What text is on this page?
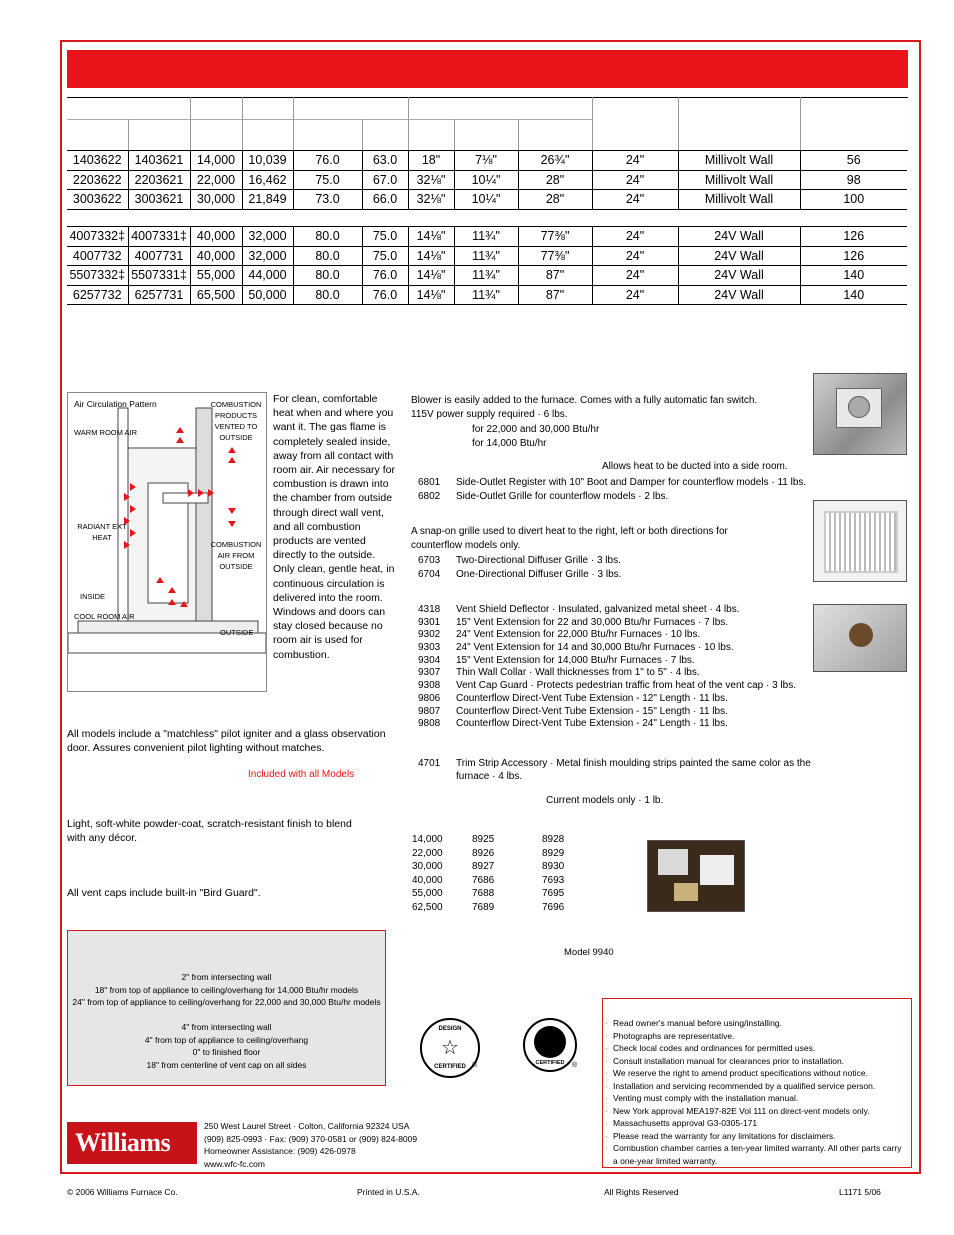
1403622	1403621	14,000	10,039	76.0	63.0	18"	7⅛"	26¾"	24"	Millivolt Wall	56
2203622	2203621	22,000	16,462	75.0	67.0	32⅛"	10¼"	28"	24"	Millivolt Wall	98
3003622	3003621	30,000	21,849	73.0	66.0	32⅛"	10¼"	28"	24"	Millivolt Wall	100
4007332‡	4007331‡	40,000	32,000	80.0	75.0	14⅛"	11¾"	77⅜"	24"	24V Wall	126
4007732	4007731	40,000	32,000	80.0	75.0	14⅛"	11¾"	77⅜"	24"	24V Wall	126
5507332‡	5507331‡	55,000	44,000	80.0	76.0	14⅛"	11¾"	87"	24"	24V Wall	140
6257732	6257731	65,500	50,000	80.0	76.0	14⅛"	11¾"	87"	24"	24V Wall	140
Air Circulation Pattern
WARM ROOM AIR
COMBUSTION PRODUCTS VENTED TO OUTSIDE
RADIANT EXT HEAT
COMBUSTION AIR FROM OUTSIDE
INSIDE
COOL ROOM AIR
OUTSIDE
For clean, comfortable heat when and where you want it. The gas flame is completely sealed inside, away from all contact with room air. Air necessary for combustion is drawn into the chamber from outside through direct wall vent, and all combustion products are vented directly to the outside. Only clean, gentle heat, in continuous circulation is delivered into the room. Windows and doors can stay closed because no room air is used for combustion.
All models include a "matchless" pilot igniter and a glass observation door. Assures convenient pilot lighting without matches.
Included with all Models
Light, soft-white powder-coat, scratch-resistant finish to blend with any décor.
All vent caps include built-in "Bird Guard".
2" from intersecting wall
18" from top of appliance to ceiling/overhang for 14,000 Btu/hr models
24" from top of appliance to ceiling/overhang for 22,000 and 30,000 Btu/hr models
4" from intersecting wall
4" from top of appliance to ceiling/overhang
0" to finished floor
18" from centerline of vent cap on all sides
Blower is easily added to the furnace. Comes with a fully automatic fan switch.
115V power supply required · 6 lbs.
for 22,000 and 30,000 Btu/hr
for 14,000 Btu/hr
Allows heat to be ducted into a side room.
6801 Side-Outlet Register with 10" Boot and Damper for counterflow models · 11 lbs.
6802 Side-Outlet Grille for counterflow models · 2 lbs.
A snap-on grille used to divert heat to the right, left or both directions for
counterflow models only.
6703 Two-Directional Diffuser Grille · 3 lbs.
6704 One-Directional Diffuser Grille · 3 lbs.
4318 Vent Shield Deflector · Insulated, galvanized metal sheet · 4 lbs.
9301 15" Vent Extension for 22 and 30,000 Btu/hr Furnaces · 7 lbs.
9302 24" Vent Extension for 22,000 Btu/hr Furnaces · 10 lbs.
9303 24" Vent Extension for 14 and 30,000 Btu/hr Furnaces · 10 lbs.
9304 15" Vent Extension for 14,000 Btu/hr Furnaces · 7 lbs.
9307 Thin Wall Collar · Wall thicknesses from 1" to 5" · 4 lbs.
9308 Vent Cap Guard · Protects pedestrian traffic from heat of the vent cap · 3 lbs.
9806 Counterflow Direct-Vent Tube Extension - 12" Length · 11 lbs.
9807 Counterflow Direct-Vent Tube Extension - 15" Length · 11 lbs.
9808 Counterflow Direct-Vent Tube Extension - 24" Length · 11 lbs.
4701	Trim Strip Accessory · Metal finish moulding strips painted the same color as the
furnace · 4 lbs.
Current models only · 1 lb.
14,000	8925	8928
22,000	8926	8929
30,000	8927	8930
40,000	7686	7693
55,000	7688	7695
62,500	7689	7696
Model 9940
DESIGN
☆
CERTIFIED ®	CERTIFIED	®
· Read owner's manual before using/installing.
· Photographs are representative.
· Check local codes and ordinances for permitted uses.
· Consult installation manual for clearances prior to installation.
· We reserve the right to amend product specifications without notice.
· Installation and servicing recommended by a qualified service person.
· Venting must comply with the installation manual.
· New York approval MEA197-82E Vol 111 on direct-vent models only.
· Massachusetts approval G3-0305-171
· Please read the warranty for any limitations for disclaimers.
· Combustion chamber carries a ten-year limited warranty. All other parts carry a one-year limited warranty.
Williams
250 West Laurel Street · Colton, California 92324 USA
(909) 825-0993 · Fax: (909) 370-0581 or (909) 824-8009
Homeowner Assistance: (909) 426-0978
www.wfc-fc.com
© 2006 Williams Furnace Co.	Printed in U.S.A.	All Rights Reserved	L1171 5/06
